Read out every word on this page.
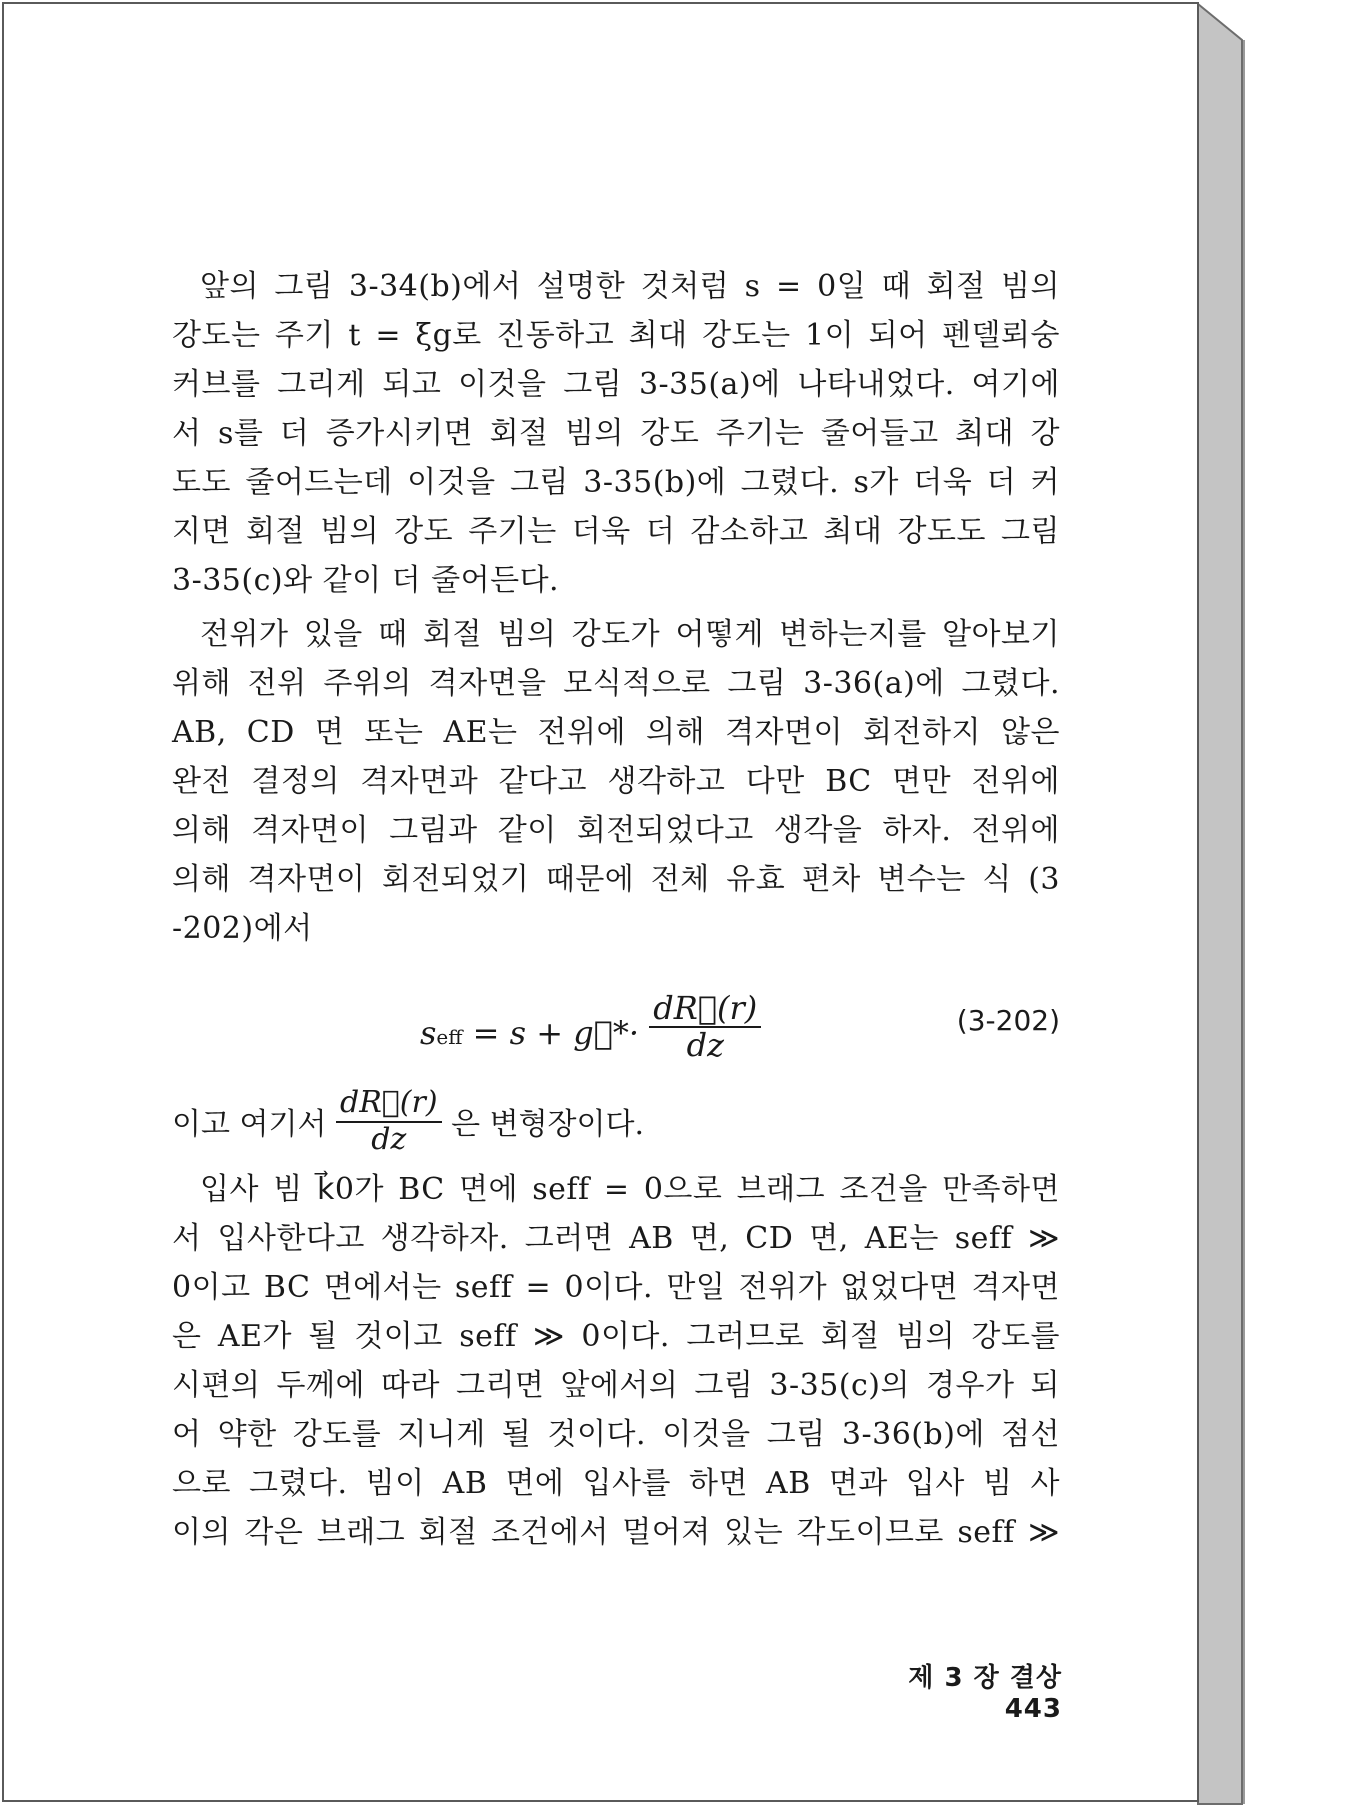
앞의 그림 3-34(b)에서 설명한 것처럼 s = 0일 때 회절 빔의
강도는 주기 t = ξg로 진동하고 최대 강도는 1이 되어 펜델뢰숭
커브를 그리게 되고 이것을 그림 3-35(a)에 나타내었다. 여기에
서 s를 더 증가시키면 회절 빔의 강도 주기는 줄어들고 최대 강
도도 줄어드는데 이것을 그림 3-35(b)에 그렸다. s가 더욱 더 커
지면 회절 빔의 강도 주기는 더욱 더 감소하고 최대 강도도 그림
3-35(c)와 같이 더 줄어든다.
전위가 있을 때 회절 빔의 강도가 어떻게 변하는지를 알아보기
위해 전위 주위의 격자면을 모식적으로 그림 3-36(a)에 그렸다.
AB, CD 면 또는 AE는 전위에 의해 격자면이 회전하지 않은
완전 결정의 격자면과 같다고 생각하고 다만 BC 면만 전위에
의해 격자면이 그림과 같이 회전되었다고 생각을 하자. 전위에
의해 격자면이 회전되었기 때문에 전체 유효 편차 변수는 식 (3
-202)에서
seff = s + g⃗*· $\frac{dR⃗(r)}{dz}$	(3-202)
이고 여기서 $\frac{dR⃗(r)}{dz}$ 은 변형장이다.
입사 빔 k⃗0가 BC 면에 seff = 0으로 브래그 조건을 만족하면
서 입사한다고 생각하자. 그러면 AB 면, CD 면, AE는 seff ≫
0이고 BC 면에서는 seff = 0이다. 만일 전위가 없었다면 격자면
은 AE가 될 것이고 seff ≫ 0이다. 그러므로 회절 빔의 강도를
시편의 두께에 따라 그리면 앞에서의 그림 3-35(c)의 경우가 되
어 약한 강도를 지니게 될 것이다. 이것을 그림 3-36(b)에 점선
으로 그렸다. 빔이 AB 면에 입사를 하면 AB 면과 입사 빔 사
이의 각은 브래그 회절 조건에서 멀어져 있는 각도이므로 seff ≫
제 3 장 결상 443
